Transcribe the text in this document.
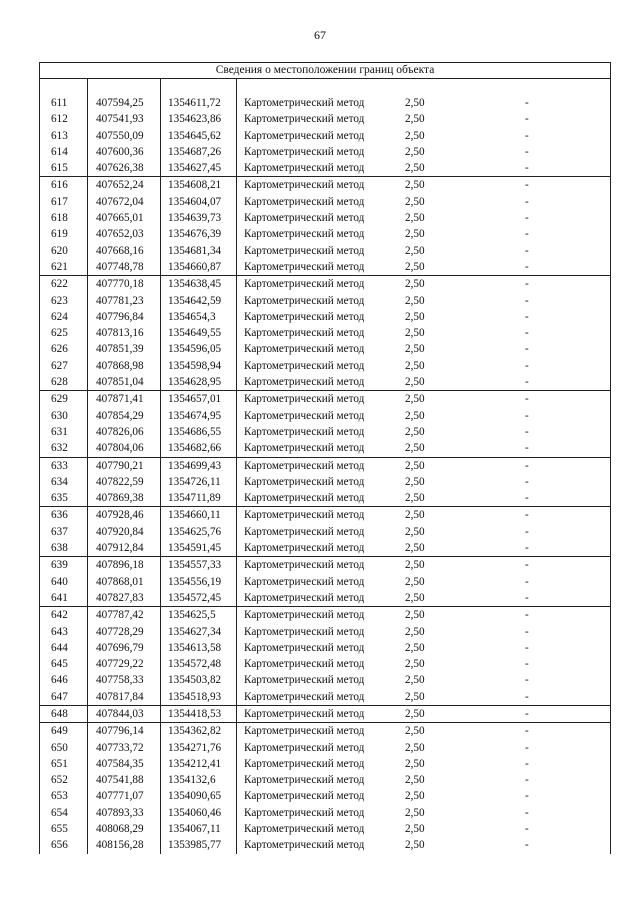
67
Сведения о местоположении границ объекта
611	407594,25 1354611,72 Картометрический метод	2,50	-
612	407541,93 1354623,86 Картометрический метод	2,50	-
613	407550,09 1354645,62 Картометрический метод	2,50	-
614	407600,36 1354687,26 Картометрический метод	2,50	-
615	407626,38 1354627,45 Картометрический метод	2,50	-
616	407652,24 1354608,21 Картометрический метод	2,50	-
617	407672,04 1354604,07 Картометрический метод	2,50	-
618	407665,01 1354639,73 Картометрический метод	2,50	-
619	407652,03 1354676,39 Картометрический метод	2,50	-
620	407668,16 1354681,34 Картометрический метод	2,50	-
621	407748,78 1354660,87 Картометрический метод	2,50	-
622	407770,18 1354638,45 Картометрический метод	2,50	-
623	407781,23 1354642,59 Картометрический метод	2,50	-
624	407796,84 1354654,3	Картометрический метод	2,50	-
625	407813,16 1354649,55 Картометрический метод	2,50	-
626	407851,39 1354596,05 Картометрический метод	2,50	-
627	407868,98 1354598,94 Картометрический метод	2,50	-
628	407851,04 1354628,95 Картометрический метод	2,50	-
629	407871,41 1354657,01 Картометрический метод	2,50	-
630	407854,29 1354674,95 Картометрический метод	2,50	-
631	407826,06 1354686,55 Картометрический метод	2,50	-
632	407804,06 1354682,66 Картометрический метод	2,50	-
633	407790,21 1354699,43 Картометрический метод	2,50	-
634	407822,59 1354726,11 Картометрический метод	2,50	-
635	407869,38 1354711,89 Картометрический метод	2,50	-
636	407928,46 1354660,11 Картометрический метод	2,50	-
637	407920,84 1354625,76 Картометрический метод	2,50	-
638	407912,84 1354591,45 Картометрический метод	2,50	-
639	407896,18 1354557,33 Картометрический метод	2,50	-
640	407868,01 1354556,19 Картометрический метод	2,50	-
641	407827,83 1354572,45 Картометрический метод	2,50	-
642	407787,42 1354625,5	Картометрический метод	2,50	-
643	407728,29 1354627,34 Картометрический метод	2,50	-
644	407696,79 1354613,58 Картометрический метод	2,50	-
645	407729,22 1354572,48 Картометрический метод	2,50	-
646	407758,33 1354503,82 Картометрический метод	2,50	-
647	407817,84 1354518,93 Картометрический метод	2,50	-
648	407844,03 1354418,53 Картометрический метод	2,50	-
649	407796,14 1354362,82 Картометрический метод	2,50	-
650	407733,72 1354271,76 Картометрический метод	2,50	-
651	407584,35 1354212,41 Картометрический метод	2,50	-
652	407541,88 1354132,6	Картометрический метод	2,50	-
653	407771,07 1354090,65 Картометрический метод	2,50	-
654	407893,33 1354060,46 Картометрический метод	2,50	-
655	408068,29 1354067,11 Картометрический метод	2,50	-
656	408156,28 1353985,77 Картометрический метод	2,50	-
